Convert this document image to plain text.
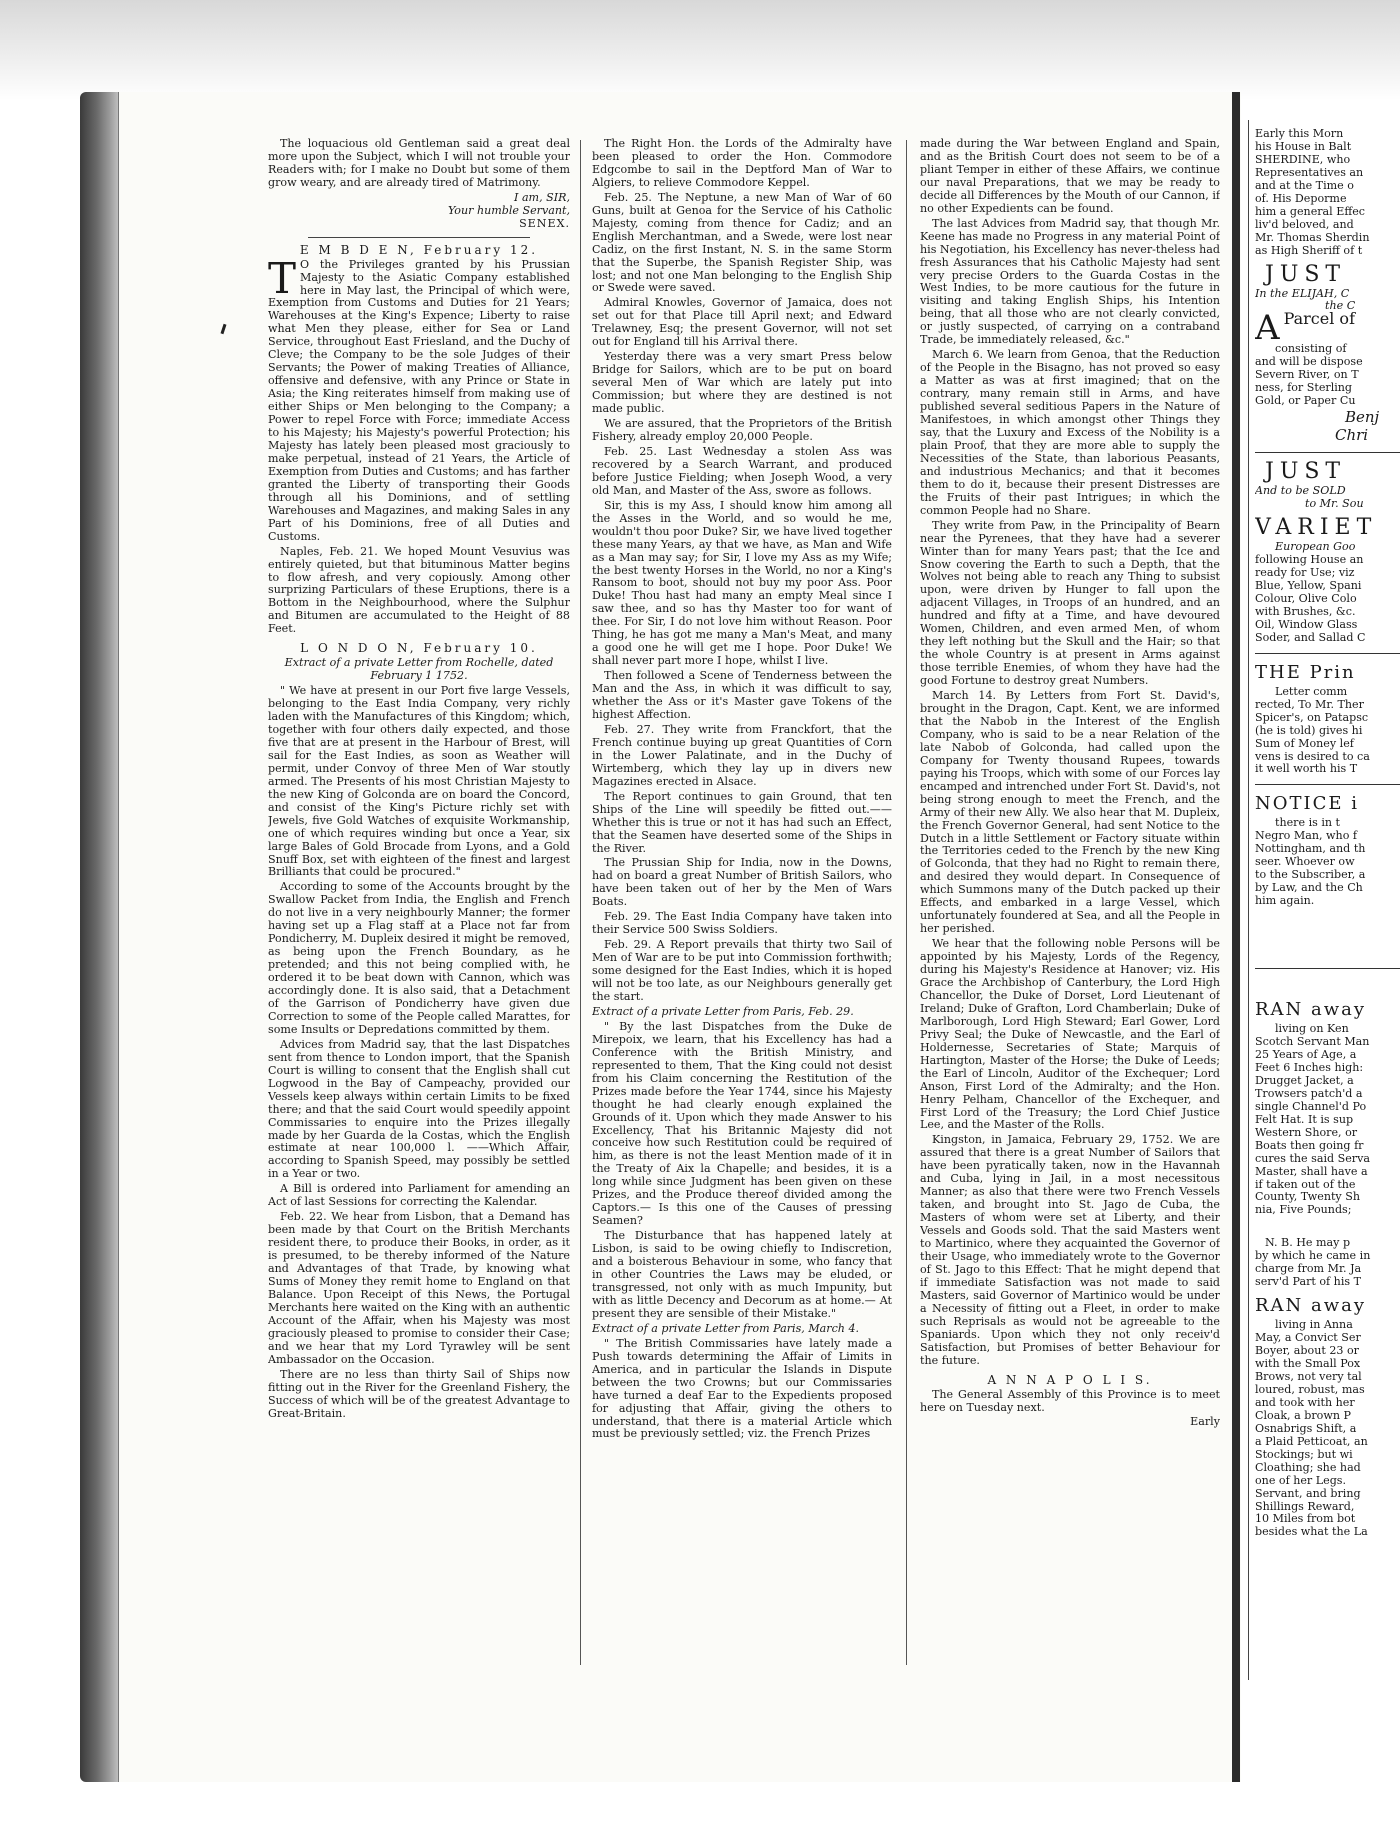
The loquacious old Gentleman said a great deal more upon the Subject, which I will not trouble your Readers with; for I make no Doubt but some of them grow weary, and are already tired of Matrimony.

I am, SIR,

Your humble Servant,

SENEX.

E M B D E N, February 12.

T O the Privileges granted by his Prussian Majesty to the Asiatic Company established here in May last, the Principal of which were, Exemption from Customs and Duties for 21 Years; Warehouses at the King's Expence; Liberty to raise what Men they please, either for Sea or Land Service, throughout East Friesland, and the Duchy of Cleve; the Company to be the sole Judges of their Servants; the Power of making Treaties of Alliance, offensive and defensive, with any Prince or State in Asia; the King reiterates himself from making use of either Ships or Men belonging to the Company; a Power to repel Force with Force; immediate Access to his Majesty; his Majesty's powerful Protection; his Majesty has lately been pleased most graciously to make perpetual, instead of 21 Years, the Article of Exemption from Duties and Customs; and has farther granted the Liberty of transporting their Goods through all his Dominions, and of settling Warehouses and Magazines, and making Sales in any Part of his Dominions, free of all Duties and Customs.

Naples, Feb. 21. We hoped Mount Vesuvius was entirely quieted, but that bituminous Matter begins to flow afresh, and very copiously. Among other surprizing Particulars of these Eruptions, there is a Bottom in the Neighbourhood, where the Sulphur and Bitumen are accumulated to the Height of 88 Feet.

L O N D O N, February 10.

Extract of a private Letter from Rochelle, dated February 1 1752.

" We have at present in our Port five large Vessels, belonging to the East India Company, very richly laden with the Manufactures of this Kingdom; which, together with four others daily expected, and those five that are at present in the Harbour of Brest, will sail for the East Indies, as soon as Weather will permit, under Convoy of three Men of War stoutly armed. The Presents of his most Christian Majesty to the new King of Golconda are on board the Concord, and consist of the King's Picture richly set with Jewels, five Gold Watches of exquisite Workmanship, one of which requires winding but once a Year, six large Bales of Gold Brocade from Lyons, and a Gold Snuff Box, set with eighteen of the finest and largest Brilliants that could be procured."

According to some of the Accounts brought by the Swallow Packet from India, the English and French do not live in a very neighbourly Manner; the former having set up a Flag staff at a Place not far from Pondicherry, M. Dupleix desired it might be removed, as being upon the French Boundary, as he pretended; and this not being complied with, he ordered it to be beat down with Cannon, which was accordingly done. It is also said, that a Detachment of the Garrison of Pondicherry have given due Correction to some of the People called Marattes, for some Insults or Depredations committed by them.

Advices from Madrid say, that the last Dispatches sent from thence to London import, that the Spanish Court is willing to consent that the English shall cut Logwood in the Bay of Campeachy, provided our Vessels keep always within certain Limits to be fixed there; and that the said Court would speedily appoint Commissaries to enquire into the Prizes illegally made by her Guarda de la Costas, which the English estimate at near 100,000 l. ——Which Affair, according to Spanish Speed, may possibly be settled in a Year or two.

A Bill is ordered into Parliament for amending an Act of last Sessions for correcting the Kalendar.

Feb. 22. We hear from Lisbon, that a Demand has been made by that Court on the British Merchants resident there, to produce their Books, in order, as it is presumed, to be thereby informed of the Nature and Advantages of that Trade, by knowing what Sums of Money they remit home to England on that Balance. Upon Receipt of this News, the Portugal Merchants here waited on the King with an authentic Account of the Affair, when his Majesty was most graciously pleased to promise to consider their Case; and we hear that my Lord Tyrawley will be sent Ambassador on the Occasion.

There are no less than thirty Sail of Ships now fitting out in the River for the Greenland Fishery, the Success of which will be of the greatest Advantage to Great-Britain.

The Right Hon. the Lords of the Admiralty have been pleased to order the Hon. Commodore Edgcombe to sail in the Deptford Man of War to Algiers, to relieve Commodore Keppel.

Feb. 25. The Neptune, a new Man of War of 60 Guns, built at Genoa for the Service of his Catholic Majesty, coming from thence for Cadiz; and an English Merchantman, and a Swede, were lost near Cadiz, on the first Instant, N. S. in the same Storm that the Superbe, the Spanish Register Ship, was lost; and not one Man belonging to the English Ship or Swede were saved.

Admiral Knowles, Governor of Jamaica, does not set out for that Place till April next; and Edward Trelawney, Esq; the present Governor, will not set out for England till his Arrival there.

Yesterday there was a very smart Press below Bridge for Sailors, which are to be put on board several Men of War which are lately put into Commission; but where they are destined is not made public.

We are assured, that the Proprietors of the British Fishery, already employ 20,000 People.

Feb. 25. Last Wednesday a stolen Ass was recovered by a Search Warrant, and produced before Justice Fielding; when Joseph Wood, a very old Man, and Master of the Ass, swore as follows.

Sir, this is my Ass, I should know him among all the Asses in the World, and so would he me, wouldn't thou poor Duke? Sir, we have lived together these many Years, ay that we have, as Man and Wife as a Man may say; for Sir, I love my Ass as my Wife; the best twenty Horses in the World, no nor a King's Ransom to boot, should not buy my poor Ass. Poor Duke! Thou hast had many an empty Meal since I saw thee, and so has thy Master too for want of thee. For Sir, I do not love him without Reason. Poor Thing, he has got me many a Man's Meat, and many a good one he will get me I hope. Poor Duke! We shall never part more I hope, whilst I live.

Then followed a Scene of Tenderness between the Man and the Ass, in which it was difficult to say, whether the Ass or it's Master gave Tokens of the highest Affection.

Feb. 27. They write from Franckfort, that the French continue buying up great Quantities of Corn in the Lower Palatinate, and in the Duchy of Wirtemberg, which they lay up in divers new Magazines erected in Alsace.

The Report continues to gain Ground, that ten Ships of the Line will speedily be fitted out.—— Whether this is true or not it has had such an Effect, that the Seamen have deserted some of the Ships in the River.

The Prussian Ship for India, now in the Downs, had on board a great Number of British Sailors, who have been taken out of her by the Men of Wars Boats.

Feb. 29. The East India Company have taken into their Service 500 Swiss Soldiers.

Feb. 29. A Report prevails that thirty two Sail of Men of War are to be put into Commission forthwith; some designed for the East Indies, which it is hoped will not be too late, as our Neighbours generally get the start.

Extract of a private Letter from Paris, Feb. 29.

" By the last Dispatches from the Duke de Mirepoix, we learn, that his Excellency has had a Conference with the British Ministry, and represented to them, That the King could not desist from his Claim concerning the Restitution of the Prizes made before the Year 1744, since his Majesty thought he had clearly enough explained the Grounds of it. Upon which they made Answer to his Excellency, That his Britannic Majesty did not conceive how such Restitution could be required of him, as there is not the least Mention made of it in the Treaty of Aix la Chapelle; and besides, it is a long while since Judgment has been given on these Prizes, and the Produce thereof divided among the Captors.— Is this one of the Causes of pressing Seamen?

The Disturbance that has happened lately at Lisbon, is said to be owing chiefly to Indiscretion, and a boisterous Behaviour in some, who fancy that in other Countries the Laws may be eluded, or transgressed, not only with as much Impunity, but with as little Decency and Decorum as at home.— At present they are sensible of their Mistake."

Extract of a private Letter from Paris, March 4.

" The British Commissaries have lately made a Push towards determining the Affair of Limits in America, and in particular the Islands in Dispute between the two Crowns; but our Commissaries have turned a deaf Ear to the Expedients proposed for adjusting that Affair, giving the others to understand, that there is a material Article which must be previously settled; viz. the French Prizes

made during the War between England and Spain, and as the British Court does not seem to be of a pliant Temper in either of these Affairs, we continue our naval Preparations, that we may be ready to decide all Differences by the Mouth of our Cannon, if no other Expedients can be found.

The last Advices from Madrid say, that though Mr. Keene has made no Progress in any material Point of his Negotiation, his Excellency has never-theless had fresh Assurances that his Catholic Majesty had sent very precise Orders to the Guarda Costas in the West Indies, to be more cautious for the future in visiting and taking English Ships, his Intention being, that all those who are not clearly convicted, or justly suspected, of carrying on a contraband Trade, be immediately released, &c."

March 6. We learn from Genoa, that the Reduction of the People in the Bisagno, has not proved so easy a Matter as was at first imagined; that on the contrary, many remain still in Arms, and have published several seditious Papers in the Nature of Manifestoes, in which amongst other Things they say, that the Luxury and Excess of the Nobility is a plain Proof, that they are more able to supply the Necessities of the State, than laborious Peasants, and industrious Mechanics; and that it becomes them to do it, because their present Distresses are the Fruits of their past Intrigues; in which the common People had no Share.

They write from Paw, in the Principality of Bearn near the Pyrenees, that they have had a severer Winter than for many Years past; that the Ice and Snow covering the Earth to such a Depth, that the Wolves not being able to reach any Thing to subsist upon, were driven by Hunger to fall upon the adjacent Villages, in Troops of an hundred, and an hundred and fifty at a Time, and have devoured Women, Children, and even armed Men, of whom they left nothing but the Skull and the Hair; so that the whole Country is at present in Arms against those terrible Enemies, of whom they have had the good Fortune to destroy great Numbers.

March 14. By Letters from Fort St. David's, brought in the Dragon, Capt. Kent, we are informed that the Nabob in the Interest of the English Company, who is said to be a near Relation of the late Nabob of Golconda, had called upon the Company for Twenty thousand Rupees, towards paying his Troops, which with some of our Forces lay encamped and intrenched under Fort St. David's, not being strong enough to meet the French, and the Army of their new Ally. We also hear that M. Dupleix, the French Governor General, had sent Notice to the Dutch in a little Settlement or Factory situate within the Territories ceded to the French by the new King of Golconda, that they had no Right to remain there, and desired they would depart. In Consequence of which Summons many of the Dutch packed up their Effects, and embarked in a large Vessel, which unfortunately foundered at Sea, and all the People in her perished.

We hear that the following noble Persons will be appointed by his Majesty, Lords of the Regency, during his Majesty's Residence at Hanover; viz. His Grace the Archbishop of Canterbury, the Lord High Chancellor, the Duke of Dorset, Lord Lieutenant of Ireland; Duke of Grafton, Lord Chamberlain; Duke of Marlborough, Lord High Steward; Earl Gower, Lord Privy Seal; the Duke of Newcastle, and the Earl of Holdernesse, Secretaries of State; Marquis of Hartington, Master of the Horse; the Duke of Leeds; the Earl of Lincoln, Auditor of the Exchequer; Lord Anson, First Lord of the Admiralty; and the Hon. Henry Pelham, Chancellor of the Exchequer, and First Lord of the Treasury; the Lord Chief Justice Lee, and the Master of the Rolls.

Kingston, in Jamaica, February 29, 1752. We are assured that there is a great Number of Sailors that have been pyratically taken, now in the Havannah and Cuba, lying in Jail, in a most necessitous Manner; as also that there were two French Vessels taken, and brought into St. Jago de Cuba, the Masters of whom were set at Liberty, and their Vessels and Goods sold. That the said Masters went to Martinico, where they acquainted the Governor of their Usage, who immediately wrote to the Governor of St. Jago to this Effect: That he might depend that if immediate Satisfaction was not made to said Masters, said Governor of Martinico would be under a Necessity of fitting out a Fleet, in order to make such Reprisals as would not be agreeable to the Spaniards. Upon which they not only receiv'd Satisfaction, but Promises of better Behaviour for the future.

A N N A P O L I S.

The General Assembly of this Province is to meet here on Tuesday next.

Early

Early this Morn
his House in Balt
SHERDINE, who
Representatives an
and at the Time o
of. His Deporme
him a general Effec
liv'd beloved, and
Mr. Thomas Sherdin
as High Sheriff of t
JUST
In the ELIJAH, C
the C
A Parcel of
consisting of
and will be dispose
Severn River, on T
ness, for Sterling
Gold, or Paper Cu
Benj
Chri
JUST
And to be SOLD
to Mr. Sou
VARIET
European Goo
following House an
ready for Use; viz
Blue, Yellow, Spani
Colour, Olive Colo
with Brushes, &c.
Oil, Window Glass
Soder, and Sallad C
THE Prin
Letter comm
rected, To Mr. Ther
Spicer's, on Patapsc
(he is told) gives hi
Sum of Money lef
vens is desired to ca
it well worth his T
NOTICE i
there is in t
Negro Man, who f
Nottingham, and th
seer. Whoever ow
to the Subscriber, a
by Law, and the Ch
him again.
RAN away
living on Ken
Scotch Servant Man
25 Years of Age, a
Feet 6 Inches high:
Drugget Jacket, a
Trowsers patch'd a
single Channel'd Po
Felt Hat. It is sup
Western Shore, or
Boats then going fr
cures the said Serva
Master, shall have a
if taken out of the
County, Twenty Sh
nia, Five Pounds;
N. B. He may p
by which he came in
charge from Mr. Ja
serv'd Part of his T
RAN away
living in Anna
May, a Convict Ser
Boyer, about 23 or
with the Small Pox
Brows, not very tal
loured, robust, mas
and took with her
Cloak, a brown P
Osnabrigs Shift, a
a Plaid Petticoat, an
Stockings; but wi
Cloathing; she had
one of her Legs.
Servant, and bring
Shillings Reward,
10 Miles from bot
besides what the La
